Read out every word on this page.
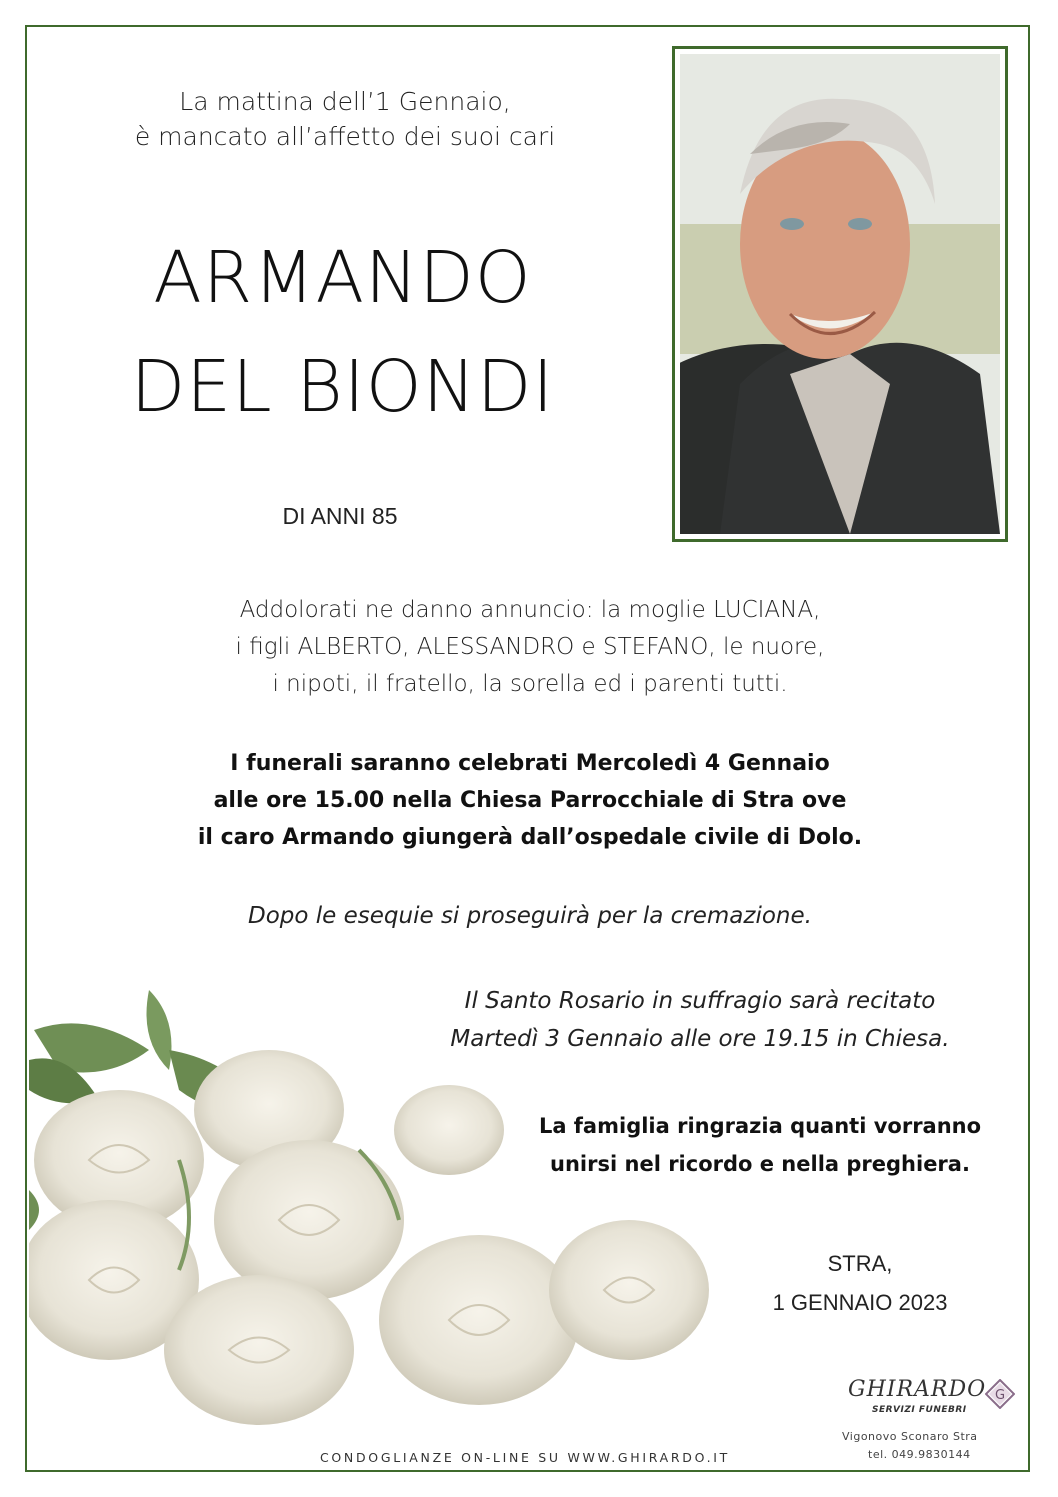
La mattina dell’1 Gennaio,
è mancato all’affetto dei suoi cari
ARMANDO
DEL BIONDI
DI ANNI 85
Addolorati ne danno annuncio: la moglie LUCIANA,
i figli ALBERTO, ALESSANDRO e STEFANO, le nuore,
i nipoti, il fratello, la sorella ed i parenti tutti.
I funerali saranno celebrati Mercoledì 4 Gennaio
alle ore 15.00 nella Chiesa Parrocchiale di Stra ove
il caro Armando giungerà dall’ospedale civile di Dolo.
Dopo le esequie si proseguirà per la cremazione.
Il Santo Rosario in suffragio sarà recitato
Martedì 3 Gennaio alle ore 19.15 in Chiesa.
La famiglia ringrazia quanti vorranno
unirsi nel ricordo e nella preghiera.
STRA,
1 GENNAIO 2023
CONDOGLIANZE ON-LINE SU WWW.GHIRARDO.IT
GHIRARDO
SERVIZI FUNEBRI
G
Vigonovo Sconaro Stra
tel. 049.9830144
